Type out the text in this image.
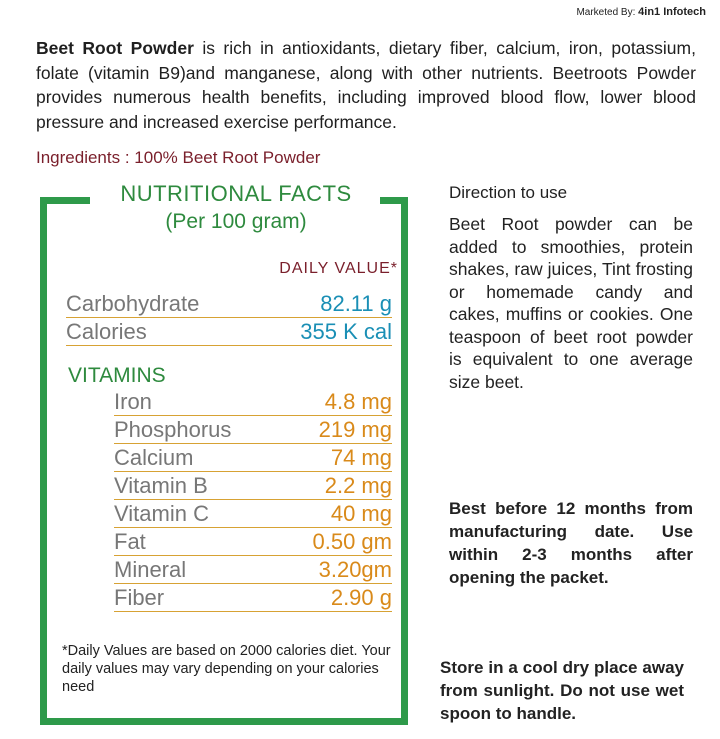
Marketed By: 4in1 Infotech
Beet Root Powder is rich in antioxidants, dietary fiber, calcium, iron, potassium, folate (vitamin B9)and manganese, along with other nutrients. Beetroots Powder provides numerous health benefits, including improved blood flow, lower blood pressure and increased exercise performance.
Ingredients : 100% Beet Root Powder
NUTRITIONAL FACTS
(Per 100 gram)
DAILY VALUE*
Carbohydrate	82.11 g
Calories	355 K cal
VITAMINS
Iron	4.8 mg
Phosphorus	219 mg
Calcium	74 mg
Vitamin B	2.2 mg
Vitamin C	40 mg
Fat	0.50 gm
Mineral	3.20gm
Fiber	2.90 g
*Daily Values are based on 2000 calories diet. Your daily values may vary depending on your calories need
Direction to use
Beet Root powder can be added to smoothies, protein shakes, raw juices, Tint frosting or homemade candy and cakes, muffins or cookies. One teaspoon of beet root powder is equivalent to one average size beet.
Best before 12 months from manufacturing date. Use within 2-3 months after opening the packet.
Store in a cool dry place away from sunlight. Do not use wet spoon to handle.
